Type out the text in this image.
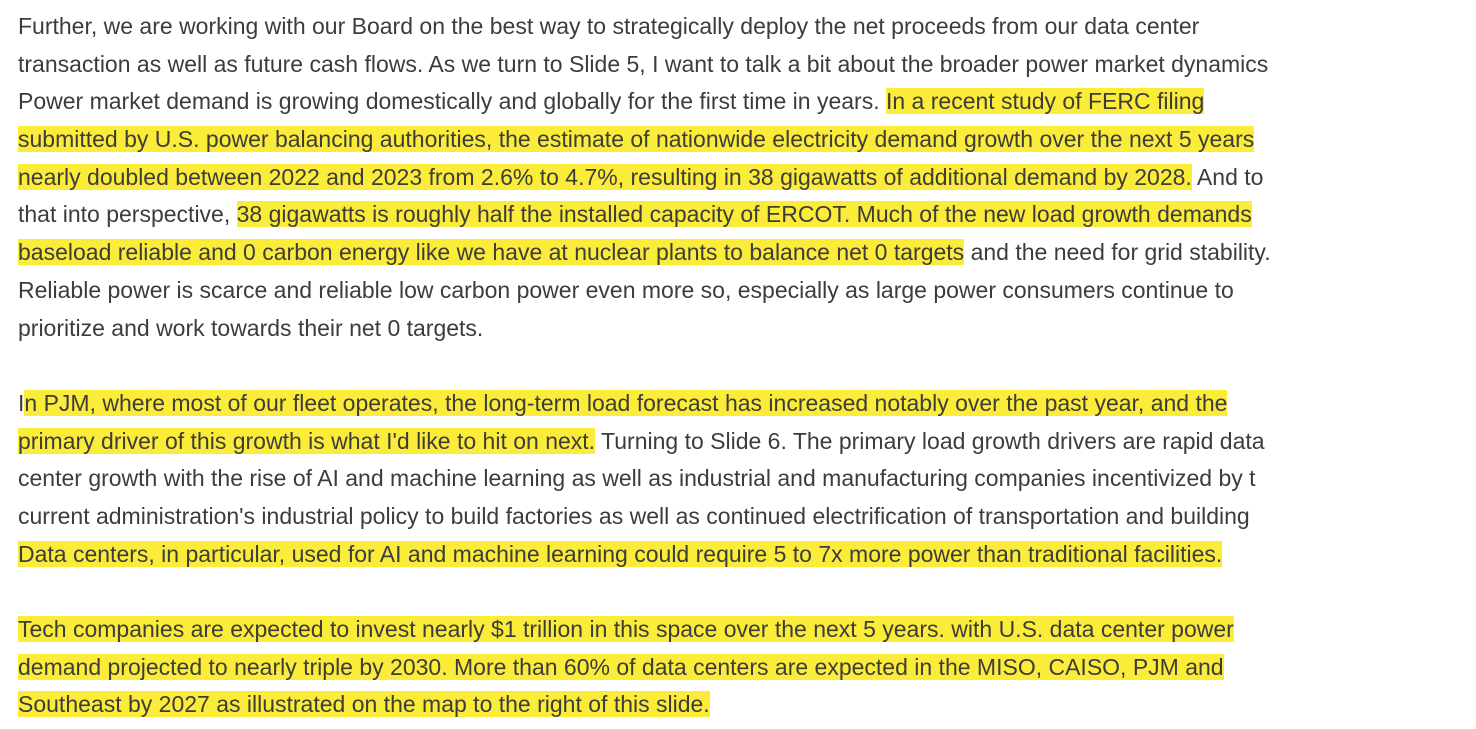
Further, we are working with our Board on the best way to strategically deploy the net proceeds from our data center
transaction as well as future cash flows. As we turn to Slide 5, I want to talk a bit about the broader power market dynamics
Power market demand is growing domestically and globally for the first time in years. In a recent study of FERC filing
submitted by U.S. power balancing authorities, the estimate of nationwide electricity demand growth over the next 5 years
nearly doubled between 2022 and 2023 from 2.6% to 4.7%, resulting in 38 gigawatts of additional demand by 2028. And to
that into perspective, 38 gigawatts is roughly half the installed capacity of ERCOT. Much of the new load growth demands
baseload reliable and 0 carbon energy like we have at nuclear plants to balance net 0 targets and the need for grid stability.
Reliable power is scarce and reliable low carbon power even more so, especially as large power consumers continue to
prioritize and work towards their net 0 targets.
In PJM, where most of our fleet operates, the long-term load forecast has increased notably over the past year, and the
primary driver of this growth is what I'd like to hit on next. Turning to Slide 6. The primary load growth drivers are rapid data
center growth with the rise of AI and machine learning as well as industrial and manufacturing companies incentivized by t
current administration's industrial policy to build factories as well as continued electrification of transportation and building
Data centers, in particular, used for AI and machine learning could require 5 to 7x more power than traditional facilities.
Tech companies are expected to invest nearly $1 trillion in this space over the next 5 years. with U.S. data center power
demand projected to nearly triple by 2030. More than 60% of data centers are expected in the MISO, CAISO, PJM and
Southeast by 2027 as illustrated on the map to the right of this slide.
